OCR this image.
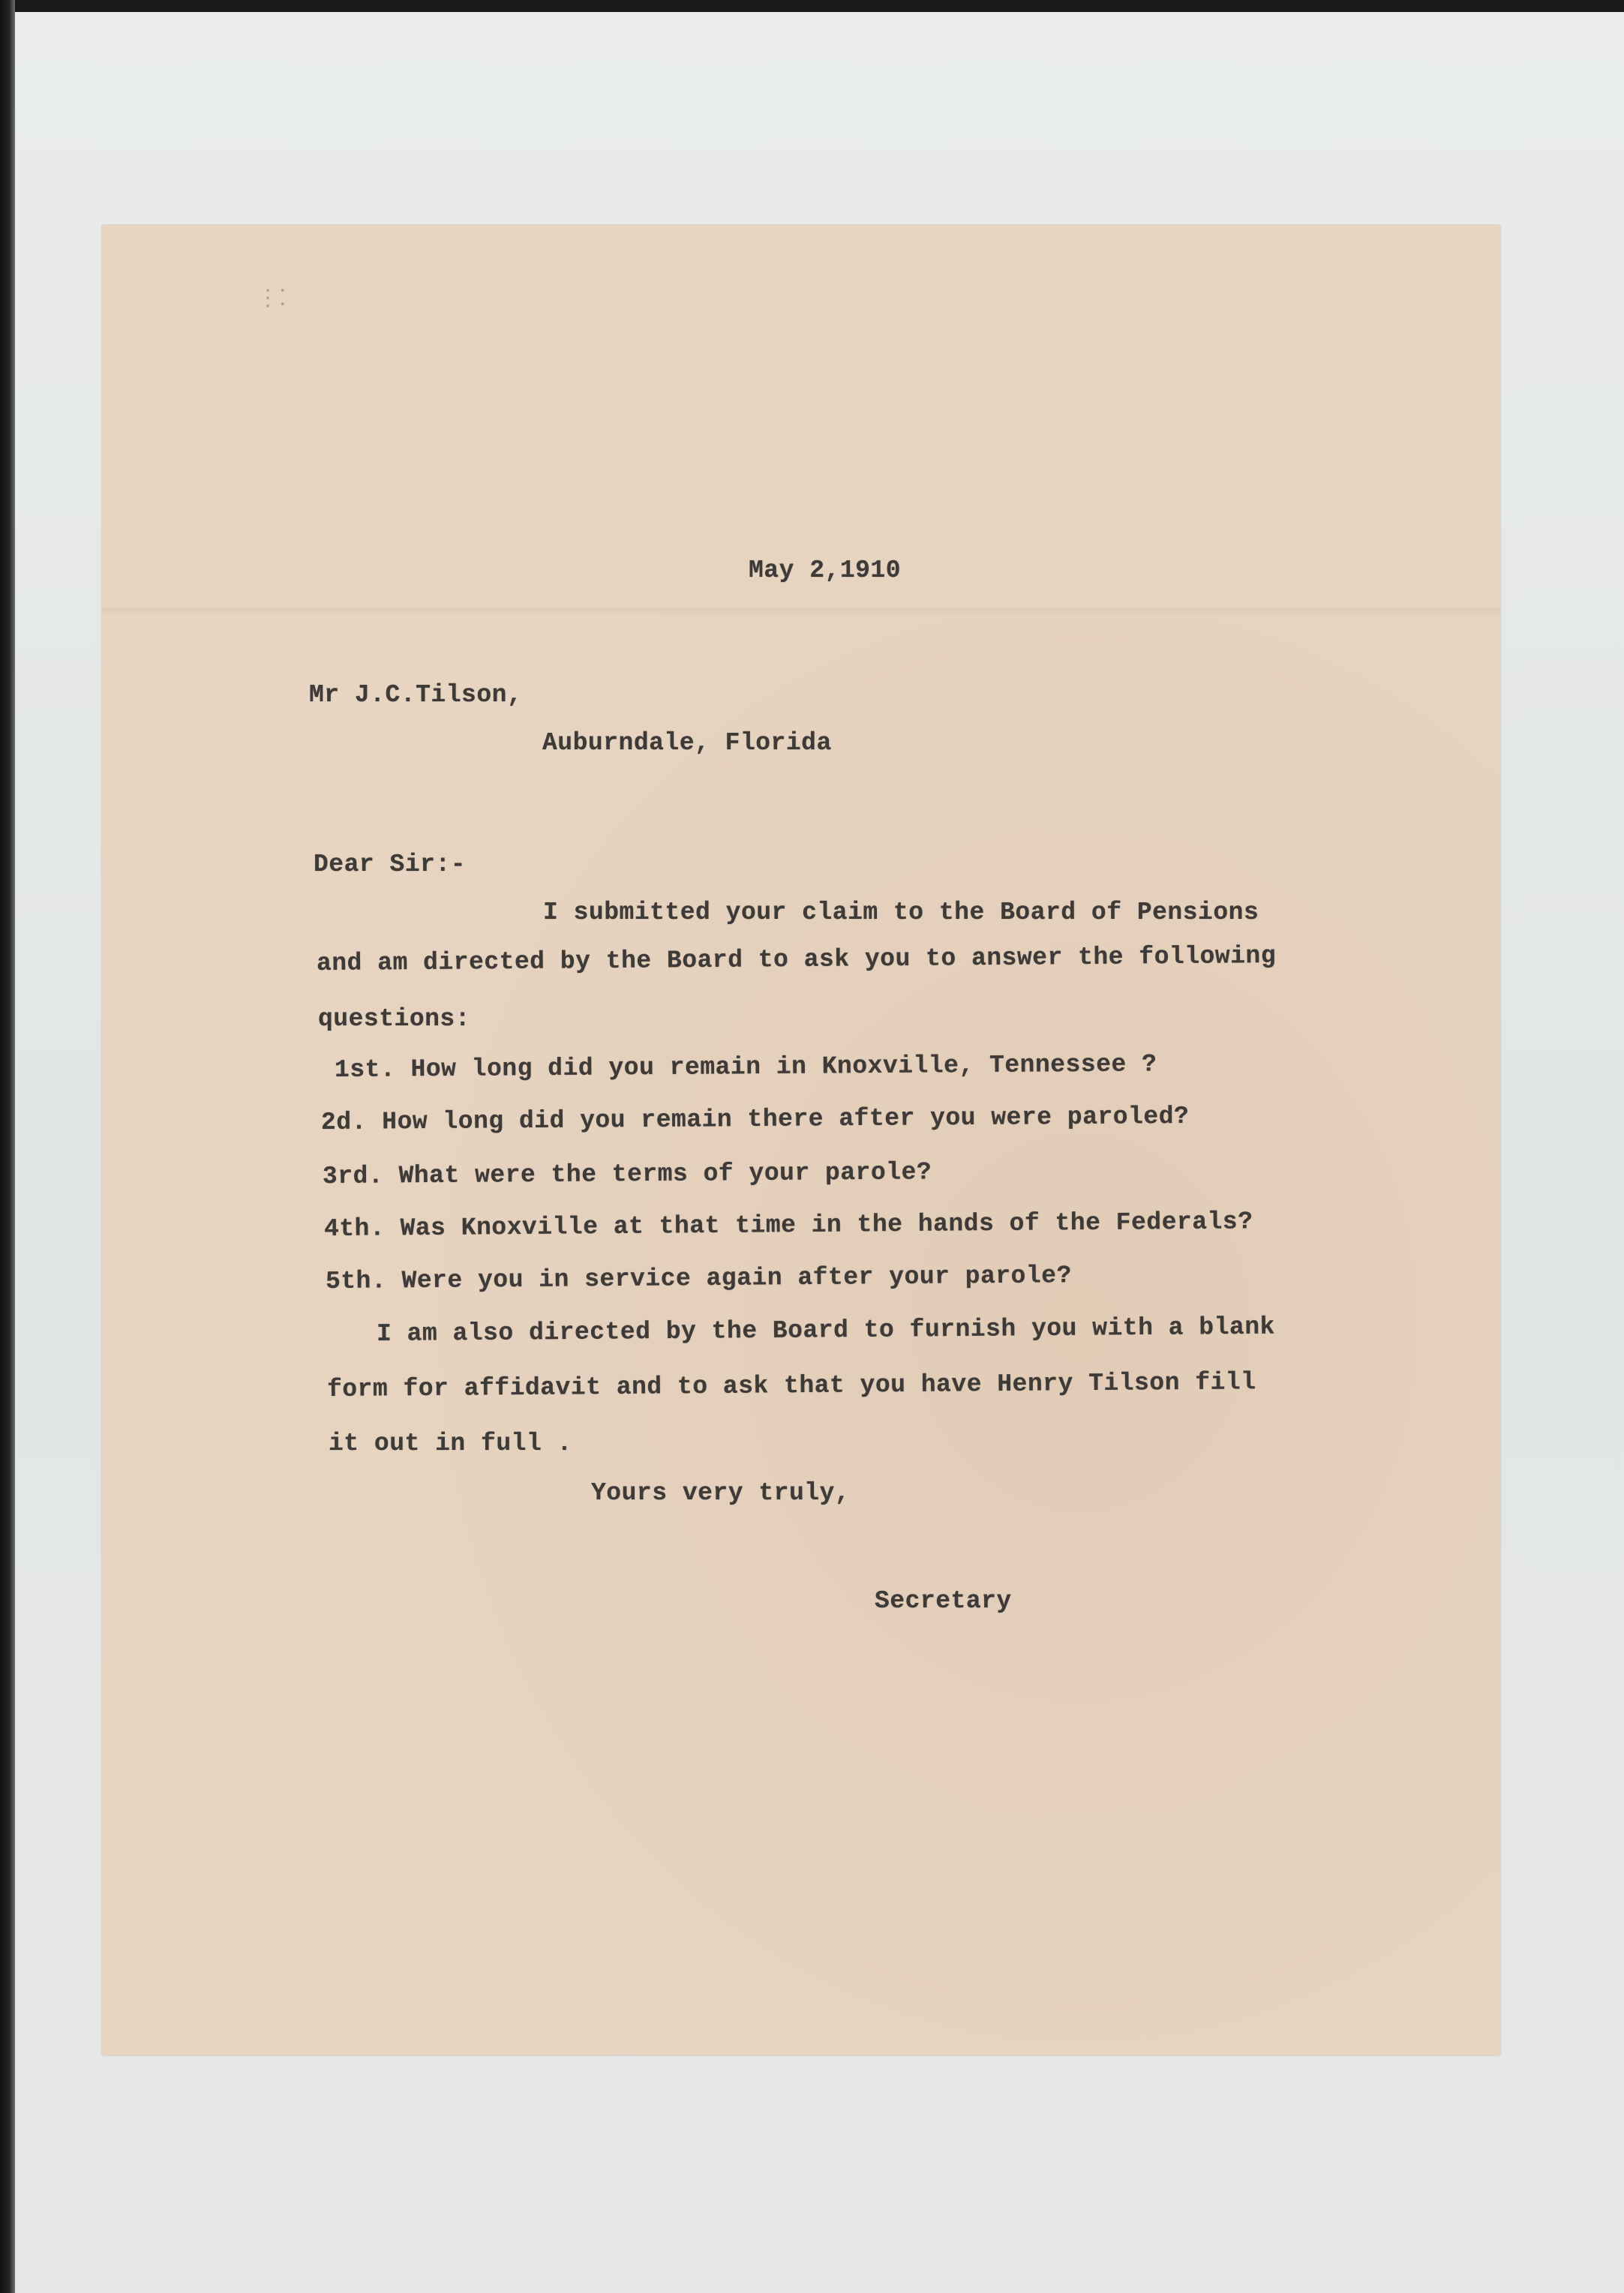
⋮⁚
May 2,1910
Mr J.C.Tilson,
Auburndale, Florida
Dear Sir:-
I submitted your claim to the Board of Pensions
and am directed by the Board to ask you to answer the following
questions:
1st. How long did you remain in Knoxville, Tennessee ?
2d. How long did you remain there after you were paroled?
3rd. What were the terms of your parole?
4th. Was Knoxville at that time in the hands of the Federals?
5th. Were you in service again after your parole?
I am also directed by the Board to furnish you with a blank
form for affidavit and to ask that you have Henry Tilson fill
it out in full .
Yours very truly,
Secretary
